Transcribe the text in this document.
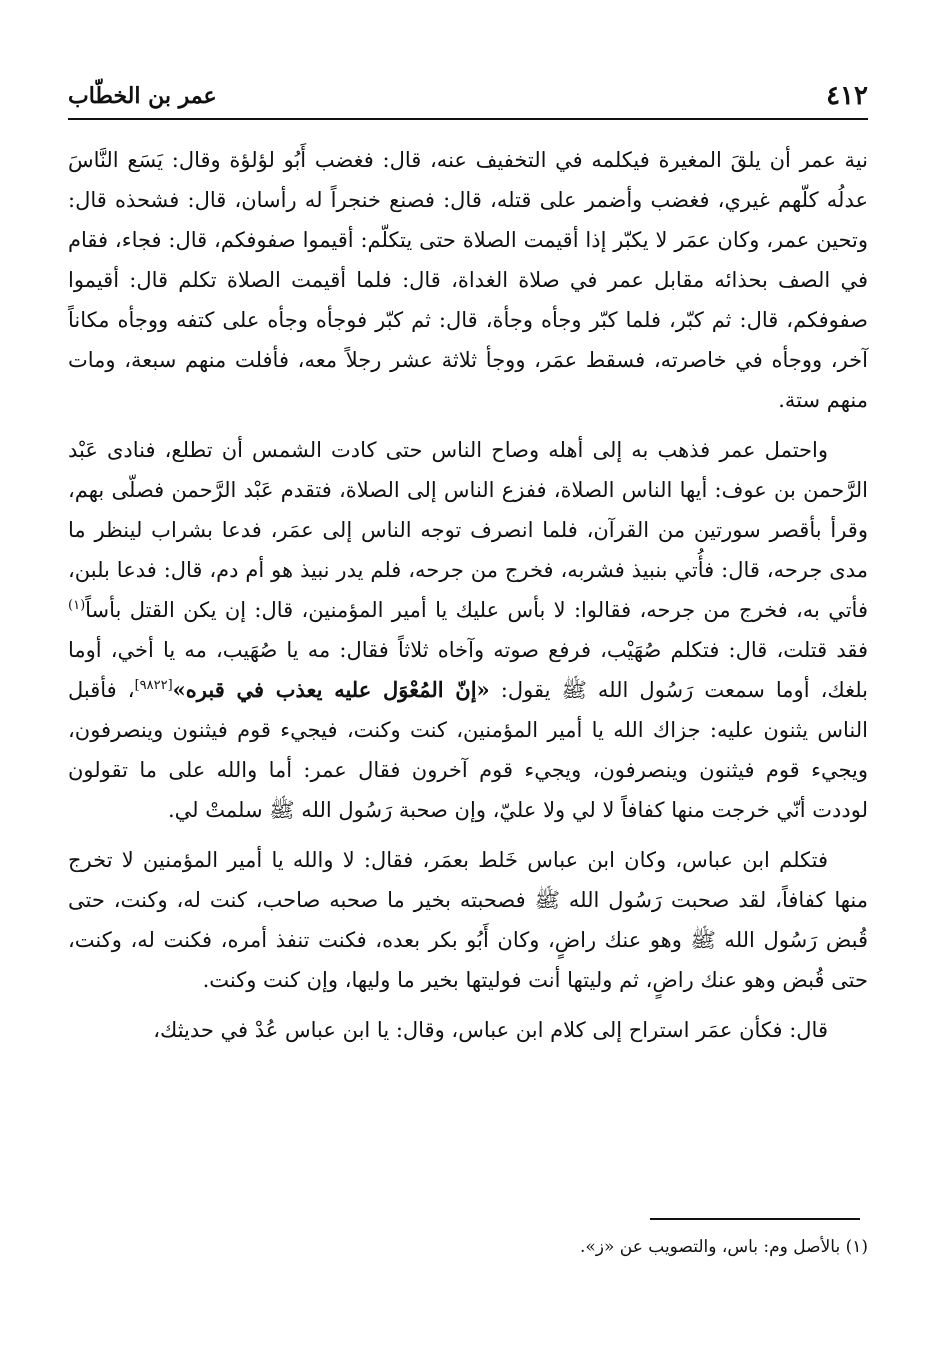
٤١٢
عمر بن الخطّاب

نية عمر أن يلقَ المغيرة فيكلمه في التخفيف عنه، قال: فغضب أَبُو لؤلؤة وقال: يَسَع النَّاسَ عدلُه كلّهم غيري، فغضب وأضمر على قتله، قال: فصنع خنجراً له رأسان، قال: فشحذه قال: وتحين عمر، وكان عمَر لا يكبّر إذا أقيمت الصلاة حتى يتكلّم: أقيموا صفوفكم، قال: فجاء، فقام في الصف بحذائه مقابل عمر في صلاة الغداة، قال: فلما أقيمت الصلاة تكلم قال: أقيموا صفوفكم، قال: ثم كبّر، فلما كبّر وجأه وجأة، قال: ثم كبّر فوجأه وجأه على كتفه ووجأه مكاناً آخر، ووجأه في خاصرته، فسقط عمَر، ووجأ ثلاثة عشر رجلاً معه، فأفلت منهم سبعة، ومات منهم ستة.

واحتمل عمر فذهب به إلى أهله وصاح الناس حتى كادت الشمس أن تطلع، فنادى عَبْد الرَّحمن بن عوف: أيها الناس الصلاة، ففزع الناس إلى الصلاة، فتقدم عَبْد الرَّحمن فصلّى بهم، وقرأ بأقصر سورتين من القرآن، فلما انصرف توجه الناس إلى عمَر، فدعا بشراب لينظر ما مدى جرحه، قال: فأُتي بنبيذ فشربه، فخرج من جرحه، فلم يدر نبيذ هو أم دم، قال: فدعا بلبن، فأتي به، فخرج من جرحه، فقالوا: لا بأس عليك يا أمير المؤمنين، قال: إن يكن القتل بأساً$^{(١)}$ فقد قتلت، قال: فتكلم صُهَيْب، فرفع صوته وآخاه ثلاثاً فقال: مه يا صُهَيب، مه يا أخي، أوما بلغك، أوما سمعت رَسُول الله ﷺ يقول: «إنّ المُعْوَل عليه يعذب في قبره»[٩٨٢٢]، فأقبل الناس يثنون عليه: جزاك الله يا أمير المؤمنين، كنت وكنت، فيجيء قوم فيثنون وينصرفون، ويجيء قوم فيثنون وينصرفون، ويجيء قوم آخرون فقال عمر: أما والله على ما تقولون لوددت أنّي خرجت منها كفافاً لا لي ولا عليّ، وإن صحبة رَسُول الله ﷺ سلمتْ لي.

فتكلم ابن عباس، وكان ابن عباس خَلط بعمَر، فقال: لا والله يا أمير المؤمنين لا تخرج منها كفافاً، لقد صحبت رَسُول الله ﷺ فصحبته بخير ما صحبه صاحب، كنت له، وكنت، حتى قُبض رَسُول الله ﷺ وهو عنك راضٍ، وكان أَبُو بكر بعده، فكنت تنفذ أمره، فكنت له، وكنت، حتى قُبض وهو عنك راضٍ، ثم وليتها أنت فوليتها بخير ما وليها، وإن كنت وكنت.

قال: فكأن عمَر استراح إلى كلام ابن عباس، وقال: يا ابن عباس عُدْ في حديثك،

(١) بالأصل وم: باس، والتصويب عن «ز».
